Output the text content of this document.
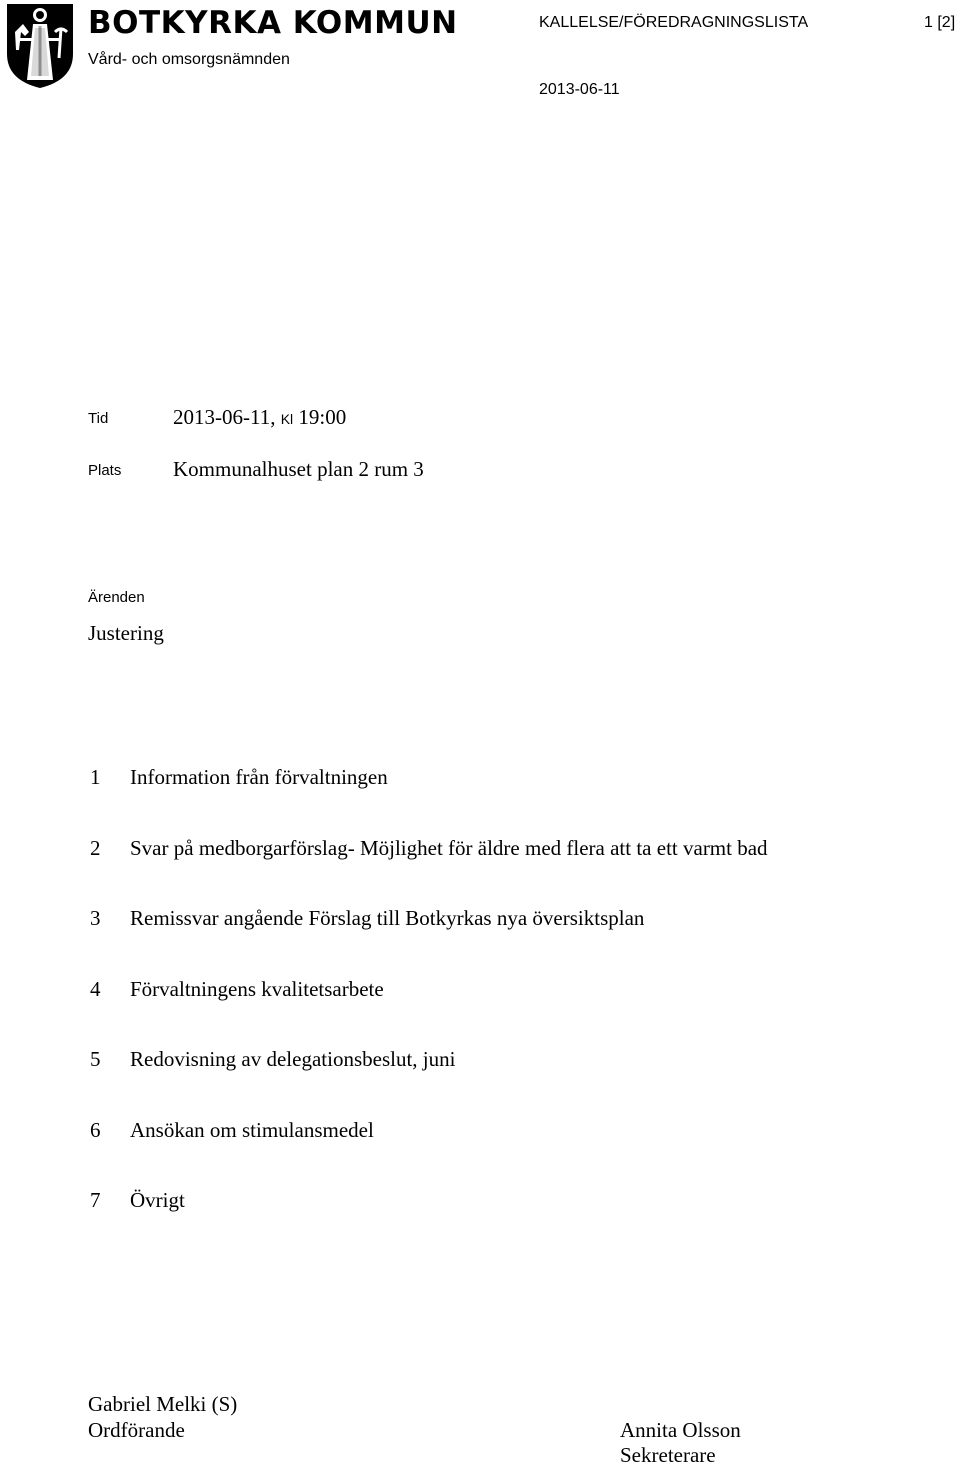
BOTKYRKA KOMMUN
Vård- och omsorgsnämnden
KALLELSE/FÖREDRAGNINGSLISTA	1 [2]
2013-06-11
Tid	2013-06-11, Kl 19:00
Plats Kommunalhuset plan 2 rum 3
Ärenden
Justering
1 Information från förvaltningen
2 Svar på medborgarförslag- Möjlighet för äldre med flera att ta ett varmt bad
3 Remissvar angående Förslag till Botkyrkas nya översiktsplan
4 Förvaltningens kvalitetsarbete
5 Redovisning av delegationsbeslut, juni
6 Ansökan om stimulansmedel
7 Övrigt
Gabriel Melki (S)
Ordförande	Annita Olsson
Sekreterare
